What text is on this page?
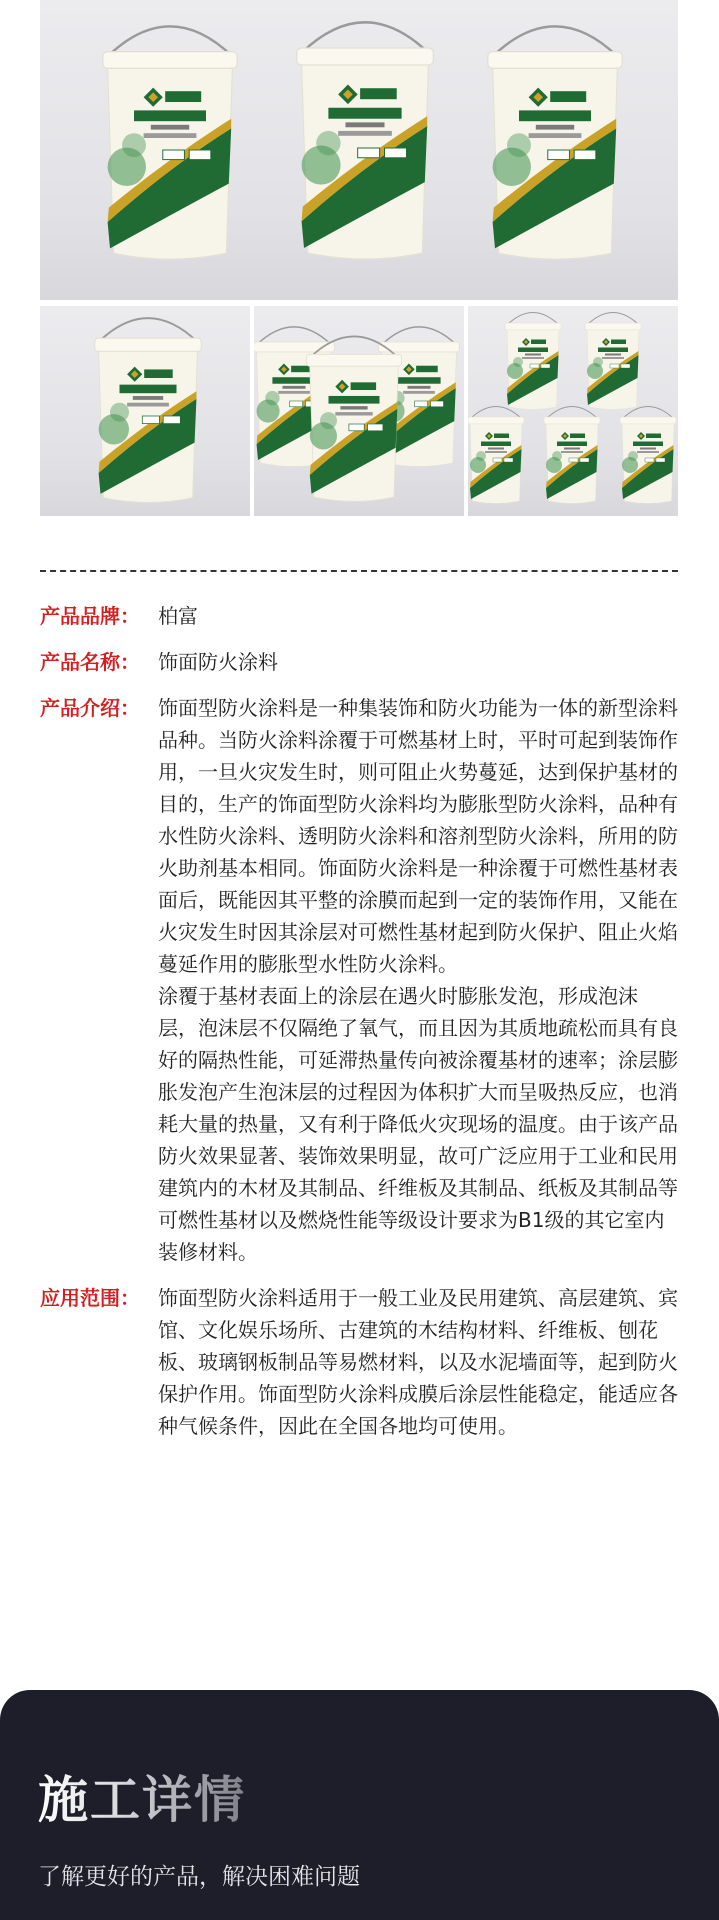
产品品牌： 柏富
产品名称： 饰面防火涂料
产品介绍： 饰面型防火涂料是一种集装饰和防火功能为一体的新型涂料品种。当防火涂料涂覆于可燃基材上时，平时可起到装饰作用，一旦火灾发生时，则可阻止火势蔓延，达到保护基材的目的，生产的饰面型防火涂料均为膨胀型防火涂料，品种有水性防火涂料、透明防火涂料和溶剂型防火涂料，所用的防火助剂基本相同。饰面防火涂料是一种涂覆于可燃性基材表面后，既能因其平整的涂膜而起到一定的装饰作用，又能在火灾发生时因其涂层对可燃性基材起到防火保护、阻止火焰蔓延作用的膨胀型水性防火涂料。

涂覆于基材表面上的涂层在遇火时膨胀发泡，形成泡沫

层，泡沫层不仅隔绝了氧气，而且因为其质地疏松而具有良好的隔热性能，可延滞热量传向被涂覆基材的速率；涂层膨胀发泡产生泡沫层的过程因为体积扩大而呈吸热反应，也消耗大量的热量，又有利于降低火灾现场的温度。由于该产品防火效果显著、装饰效果明显，故可广泛应用于工业和民用建筑内的木材及其制品、纤维板及其制品、纸板及其制品等可燃性基材以及燃烧性能等级设计要求为B1级的其它室内装修材料。

应用范围： 饰面型防火涂料适用于一般工业及民用建筑、高层建筑、宾馆、文化娱乐场所、古建筑的木结构材料、纤维板、刨花板、玻璃钢板制品等易燃材料，以及水泥墙面等，起到防火保护作用。饰面型防火涂料成膜后涂层性能稳定，能适应各种气候条件，因此在全国各地均可使用。
施工详情
了解更好的产品，解决困难问题
